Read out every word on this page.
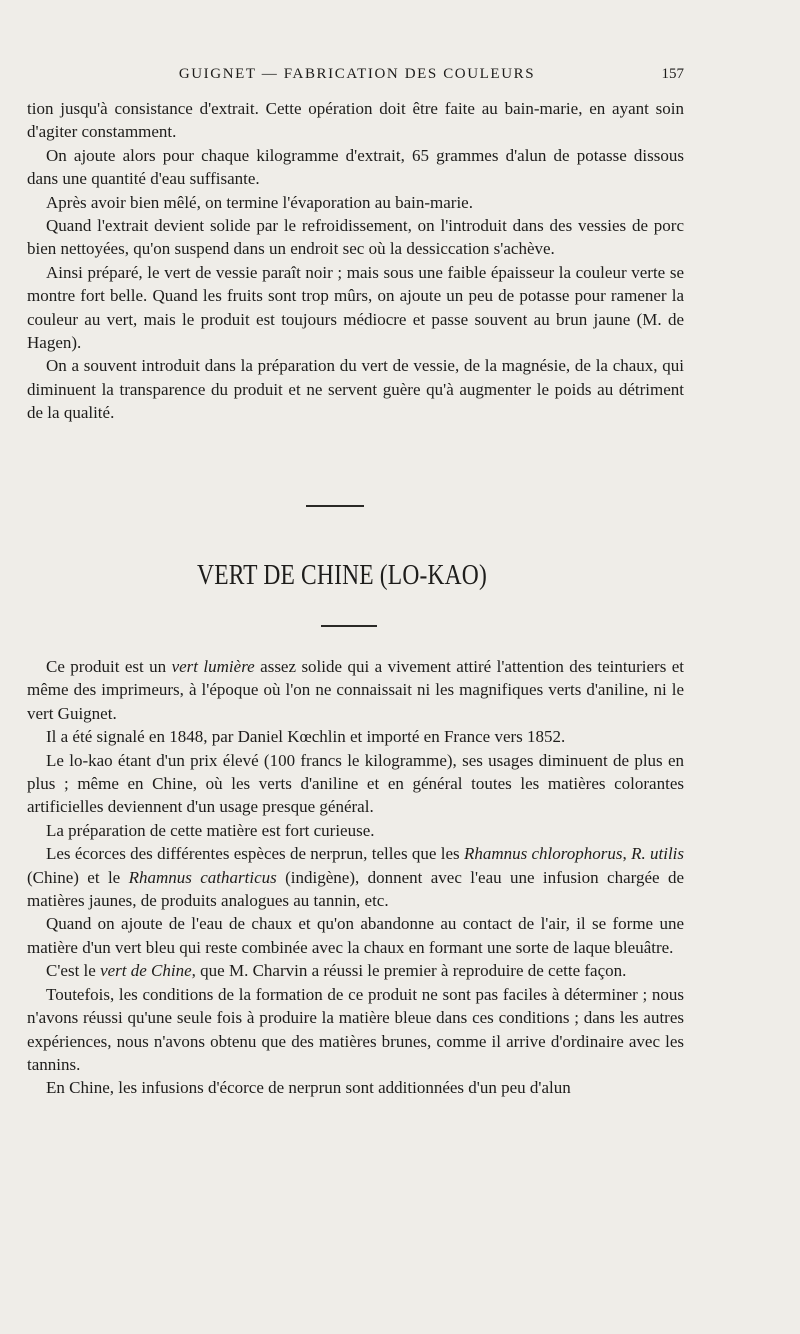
GUIGNET — FABRICATION DES COULEURS	157

tion jusqu'à consistance d'extrait. Cette opération doit être faite au bain-marie, en ayant soin d'agiter constamment.

On ajoute alors pour chaque kilogramme d'extrait, 65 grammes d'alun de potasse dissous dans une quantité d'eau suffisante.

Après avoir bien mêlé, on termine l'évaporation au bain-marie.

Quand l'extrait devient solide par le refroidissement, on l'introduit dans des vessies de porc bien nettoyées, qu'on suspend dans un endroit sec où la dessiccation s'achève.

Ainsi préparé, le vert de vessie paraît noir ; mais sous une faible épaisseur la couleur verte se montre fort belle. Quand les fruits sont trop mûrs, on ajoute un peu de potasse pour ramener la couleur au vert, mais le produit est toujours médiocre et passe souvent au brun jaune (M. de Hagen).

On a souvent introduit dans la préparation du vert de vessie, de la magnésie, de la chaux, qui diminuent la transparence du produit et ne servent guère qu'à augmenter le poids au détriment de la qualité.

VERT DE CHINE (LO-KAO)

Ce produit est un vert lumière assez solide qui a vivement attiré l'attention des teinturiers et même des imprimeurs, à l'époque où l'on ne connaissait ni les magnifiques verts d'aniline, ni le vert Guignet.

Il a été signalé en 1848, par Daniel Kœchlin et importé en France vers 1852.

Le lo-kao étant d'un prix élevé (100 francs le kilogramme), ses usages diminuent de plus en plus ; même en Chine, où les verts d'aniline et en général toutes les matières colorantes artificielles deviennent d'un usage presque général.

La préparation de cette matière est fort curieuse.

Les écorces des différentes espèces de nerprun, telles que les Rhamnus chlorophorus, R. utilis (Chine) et le Rhamnus catharticus (indigène), donnent avec l'eau une infusion chargée de matières jaunes, de produits analogues au tannin, etc.

Quand on ajoute de l'eau de chaux et qu'on abandonne au contact de l'air, il se forme une matière d'un vert bleu qui reste combinée avec la chaux en formant une sorte de laque bleuâtre.

C'est le vert de Chine, que M. Charvin a réussi le premier à reproduire de cette façon.

Toutefois, les conditions de la formation de ce produit ne sont pas faciles à déterminer ; nous n'avons réussi qu'une seule fois à produire la matière bleue dans ces conditions ; dans les autres expériences, nous n'avons obtenu que des matières brunes, comme il arrive d'ordinaire avec les tannins.

En Chine, les infusions d'écorce de nerprun sont additionnées d'un peu d'alun
